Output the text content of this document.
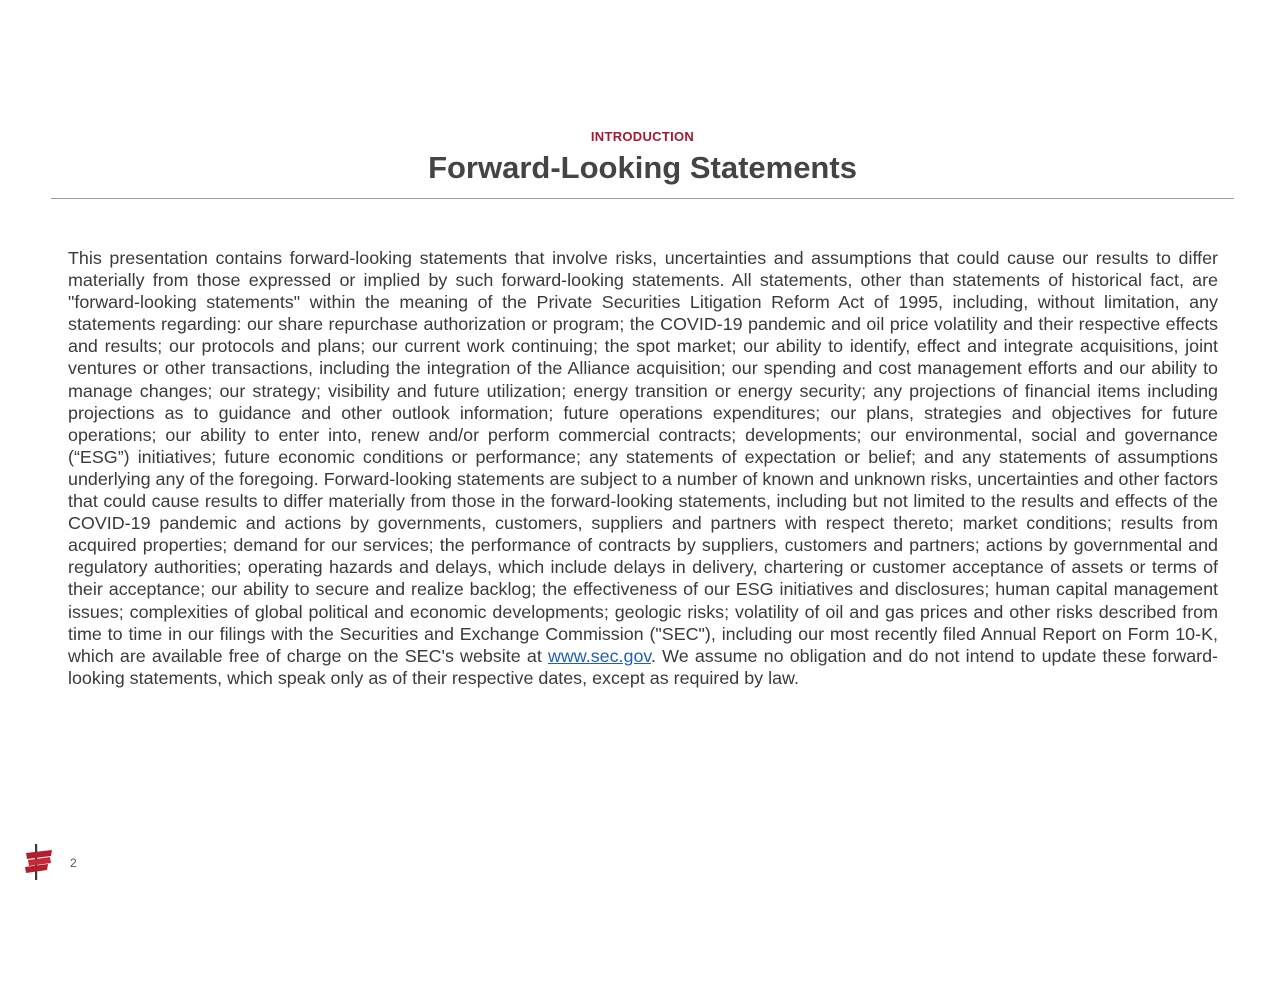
INTRODUCTION
Forward-Looking Statements

This presentation contains forward-looking statements that involve risks, uncertainties and assumptions that could cause our results to differ materially from those expressed or implied by such forward-looking statements. All statements, other than statements of historical fact, are "forward-looking statements" within the meaning of the Private Securities Litigation Reform Act of 1995, including, without limitation, any statements regarding: our share repurchase authorization or program; the COVID-19 pandemic and oil price volatility and their respective effects and results; our protocols and plans; our current work continuing; the spot market; our ability to identify, effect and integrate acquisitions, joint ventures or other transactions, including the integration of the Alliance acquisition; our spending and cost management efforts and our ability to manage changes; our strategy; visibility and future utilization; energy transition or energy security; any projections of financial items including projections as to guidance and other outlook information; future operations expenditures; our plans, strategies and objectives for future operations; our ability to enter into, renew and/or perform commercial contracts; developments; our environmental, social and governance (“ESG”) initiatives; future economic conditions or performance; any statements of expectation or belief; and any statements of assumptions underlying any of the foregoing. Forward-looking statements are subject to a number of known and unknown risks, uncertainties and other factors that could cause results to differ materially from those in the forward-looking statements, including but not limited to the results and effects of the COVID-19 pandemic and actions by governments, customers, suppliers and partners with respect thereto; market conditions; results from acquired properties; demand for our services; the performance of contracts by suppliers, customers and partners; actions by governmental and regulatory authorities; operating hazards and delays, which include delays in delivery, chartering or customer acceptance of assets or terms of their acceptance; our ability to secure and realize backlog; the effectiveness of our ESG initiatives and disclosures; human capital management issues; complexities of global political and economic developments; geologic risks; volatility of oil and gas prices and other risks described from time to time in our filings with the Securities and Exchange Commission ("SEC"), including our most recently filed Annual Report on Form 10-K, which are available free of charge on the SEC's website at www.sec.gov. We assume no obligation and do not intend to update these forward-looking statements, which speak only as of their respective dates, except as required by law.

2
